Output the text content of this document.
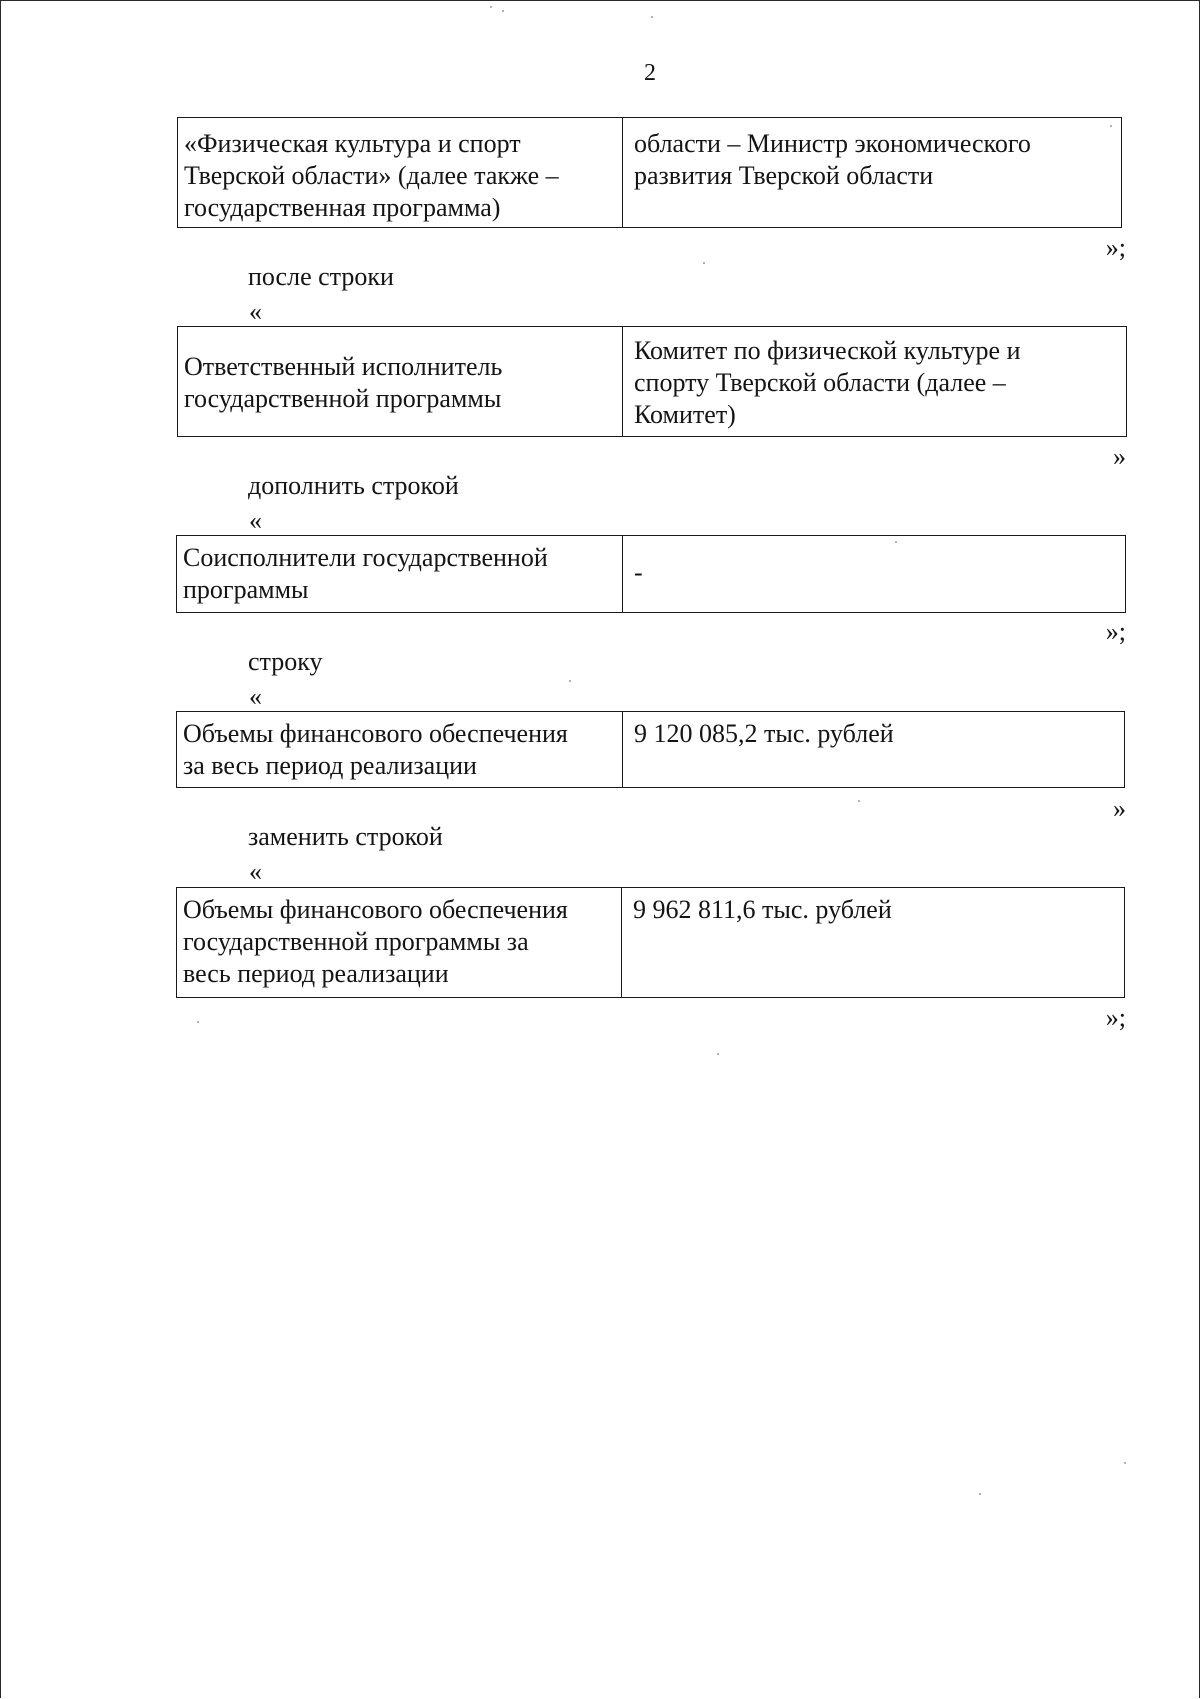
2
«Физическая культура и спорт
Тверской области» (далее также –
государственная программа)
области – Министр экономического
развития Тверской области
»;
после строки
«
Ответственный исполнитель
государственной программы
Комитет по физической культуре и
спорту Тверской области (далее –
Комитет)
»
дополнить строкой
«
Соисполнители государственной
программы
-
»;
строку
«
Объемы финансового обеспечения
за весь период реализации
9 120 085,2 тыс. рублей
»
заменить строкой
«
Объемы финансового обеспечения
государственной программы за
весь период реализации
9 962 811,6 тыс. рублей
»;
